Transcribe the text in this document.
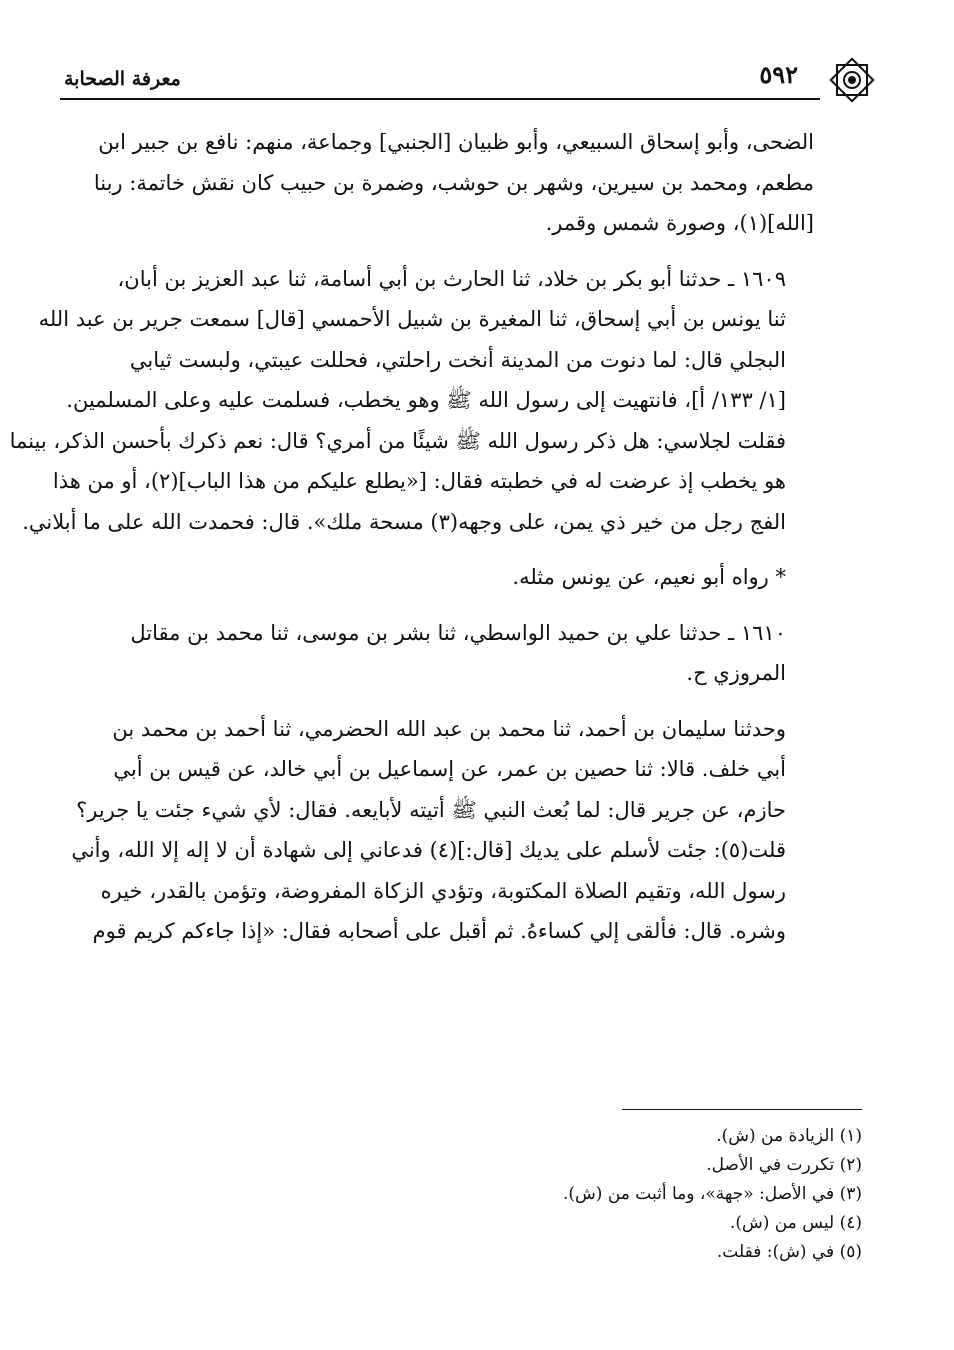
٥٩٢
معرفة الصحابة
الضحى، وأبو إسحاق السبيعي، وأبو ظبيان [الجنبي] وجماعة، منهم: نافع بن جبير ابن
مطعم، ومحمد بن سيرين، وشهر بن حوشب، وضمرة بن حبيب كان نقش خاتمة: ربنا
[الله](١)، وصورة شمس وقمر.
١٦٠٩ ـ حدثنا أبو بكر بن خلاد، ثنا الحارث بن أبي أسامة، ثنا عبد العزيز بن أبان،
ثنا يونس بن أبي إسحاق، ثنا المغيرة بن شبيل الأحمسي [قال] سمعت جرير بن عبد الله
البجلي قال: لما دنوت من المدينة أنخت راحلتي، فحللت عيبتي، ولبست ثيابي
[١/ ١٣٣/ أ]، فانتهيت إلى رسول الله ﷺ وهو يخطب، فسلمت عليه وعلى المسلمين.
فقلت لجلاسي: هل ذكر رسول الله ﷺ شيئًا من أمري؟ قال: نعم ذكرك بأحسن الذكر، بينما
هو يخطب إذ عرضت له في خطبته فقال: [«يطلع عليكم من هذا الباب](٢)، أو من هذا
الفج رجل من خير ذي يمن، على وجهه(٣) مسحة ملك». قال: فحمدت الله على ما أبلاني.
* رواه أبو نعيم، عن يونس مثله.
١٦١٠ ـ حدثنا علي بن حميد الواسطي، ثنا بشر بن موسى، ثنا محمد بن مقاتل
المروزي ح.
وحدثنا سليمان بن أحمد، ثنا محمد بن عبد الله الحضرمي، ثنا أحمد بن محمد بن
أبي خلف. قالا: ثنا حصين بن عمر، عن إسماعيل بن أبي خالد، عن قيس بن أبي
حازم، عن جرير قال: لما بُعث النبي ﷺ أتيته لأبايعه. فقال: لأي شيء جئت يا جرير؟
قلت(٥): جئت لأسلم على يديك [قال:](٤) فدعاني إلى شهادة أن لا إله إلا الله، وأني
رسول الله، وتقيم الصلاة المكتوبة، وتؤدي الزكاة المفروضة، وتؤمن بالقدر، خيره
وشره. قال: فألقى إلي كساءهُ. ثم أقبل على أصحابه فقال: «إذا جاءكم كريم قوم
(١) الزيادة من (ش).
(٢) تكررت في الأصل.
(٣) في الأصل: «جهة»، وما أثبت من (ش).
(٤) ليس من (ش).
(٥) في (ش): فقلت.
